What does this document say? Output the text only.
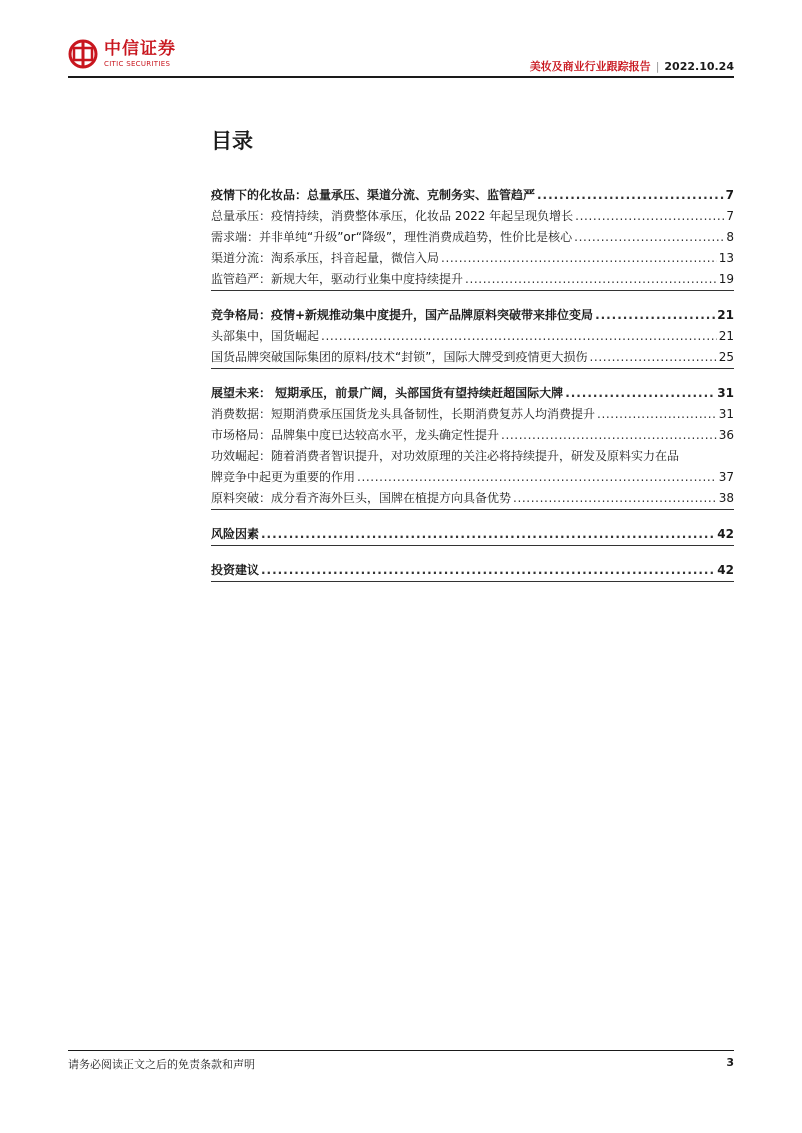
中信证券
CITIC SECURITIES	美妆及商业行业跟踪报告 | 2022.10.24
目录
疫情下的化妆品：总量承压、渠道分流、克制务实、监管趋严 . . .	7
总量承压：疫情持续，消费整体承压，化妆品 2022 年起呈现负增长 . . .	7
需求端：并非单纯“升级”or“降级”，理性消费成趋势，性价比是核心 . . .	8
渠道分流：淘系承压，抖音起量，微信入局 . . .	13
监管趋严：新规大年，驱动行业集中度持续提升 . . .	19
竞争格局：疫情+新规推动集中度提升，国产品牌原料突破带来排位变局 . . .	21
头部集中，国货崛起 . . .	21
国货品牌突破国际集团的原料/技术“封锁”，国际大牌受到疫情更大损伤 . . .	25
展望未来： 短期承压，前景广阔，头部国货有望持续赶超国际大牌 . . .	31
消费数据：短期消费承压国货龙头具备韧性，长期消费复苏人均消费提升 . . .	31
市场格局：品牌集中度已达较高水平，龙头确定性提升 . . .	36
功效崛起：随着消费者智识提升，对功效原理的关注必将持续提升，研发及原料实力在品
牌竞争中起更为重要的作用 . . .	37
原料突破：成分看齐海外巨头，国牌在植提方向具备优势 . . .	38
风险因素 . . .	42
投资建议 . . .	42
请务必阅读正文之后的免责条款和声明	3
